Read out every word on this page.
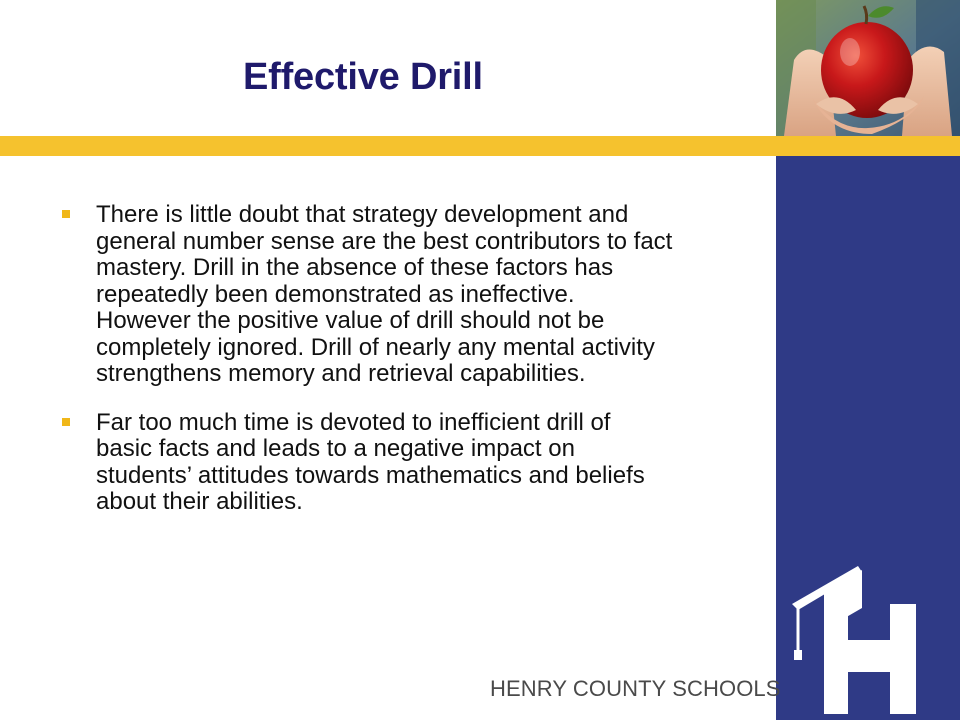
Effective Drill
There is little doubt that strategy development and
general number sense are the best contributors to fact
mastery. Drill in the absence of these factors has
repeatedly been demonstrated as ineffective.
However the positive value of drill should not be
completely ignored. Drill of nearly any mental activity
strengthens memory and retrieval capabilities.
Far too much time is devoted to inefficient drill of
basic facts and leads to a negative impact on
students’ attitudes towards mathematics and beliefs
about their abilities.
HENRY COUNTY SCHOOLS
